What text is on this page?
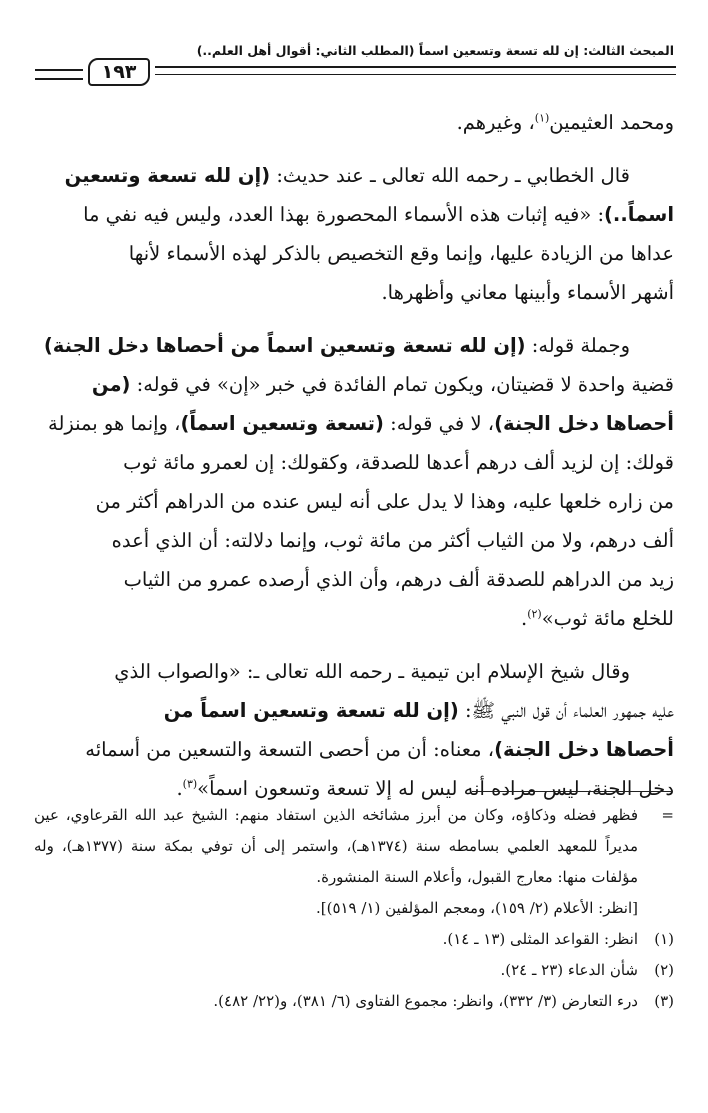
المبحث الثالث: إن لله تسعة وتسعين اسماً (المطلب الثاني: أقوال أهل العلم..)
١٩٣
ومحمد العثيمين$^{(١)}$، وغيرهم.
قال الخطابي ـ رحمه الله تعالى ـ عند حديث: (إن لله تسعة وتسعين
اسماً..): «فيه إثبات هذه الأسماء المحصورة بهذا العدد، وليس فيه نفي ما
عداها من الزيادة عليها، وإنما وقع التخصيص بالذكر لهذه الأسماء لأنها
أشهر الأسماء وأبينها معاني وأظهرها.
وجملة قوله: (إن لله تسعة وتسعين اسماً من أحصاها دخل الجنة)
قضية واحدة لا قضيتان، ويكون تمام الفائدة في خبر «إن» في قوله: (من
أحصاها دخل الجنة)، لا في قوله: (تسعة وتسعين اسماً)، وإنما هو بمنزلة
قولك: إن لزيد ألف درهم أعدها للصدقة، وكقولك: إن لعمرو مائة ثوب
من زاره خلعها عليه، وهذا لا يدل على أنه ليس عنده من الدراهم أكثر من
ألف درهم، ولا من الثياب أكثر من مائة ثوب، وإنما دلالته: أن الذي أعده
زيد من الدراهم للصدقة ألف درهم، وأن الذي أرصده عمرو من الثياب
للخلع مائة ثوب»$^{(٢)}$.
وقال شيخ الإسلام ابن تيمية ـ رحمه الله تعالى ـ: «والصواب الذي
عليه جمهور العلماء أن قول النبي ﷺ: (إن لله تسعة وتسعين اسماً من
أحصاها دخل الجنة)، معناه: أن من أحصى التسعة والتسعين من أسمائه
دخل الجنة، ليس مراده أنه ليس له إلا تسعة وتسعون اسماً»$^{(٣)}$.
=
فظهر فضله وذكاؤه، وكان من أبرز مشائخه الذين استفاد منهم: الشيخ عبد الله القرعاوي، عين مديراً للمعهد العلمي بسامطه سنة (١٣٧٤هـ)، واستمر إلى أن توفي بمكة سنة (١٣٧٧هـ)، وله مؤلفات منها: معارج القبول، وأعلام السنة المنشورة.
[انظر: الأعلام (٢/ ١٥٩)، ومعجم المؤلفين (١/ ٥١٩)].
(١)
انظر: القواعد المثلى (١٣ ـ ١٤).
(٢)
شأن الدعاء (٢٣ ـ ٢٤).
(٣)
درء التعارض (٣/ ٣٣٢)، وانظر: مجموع الفتاوى (٦/ ٣٨١)، و(٢٢/ ٤٨٢).
